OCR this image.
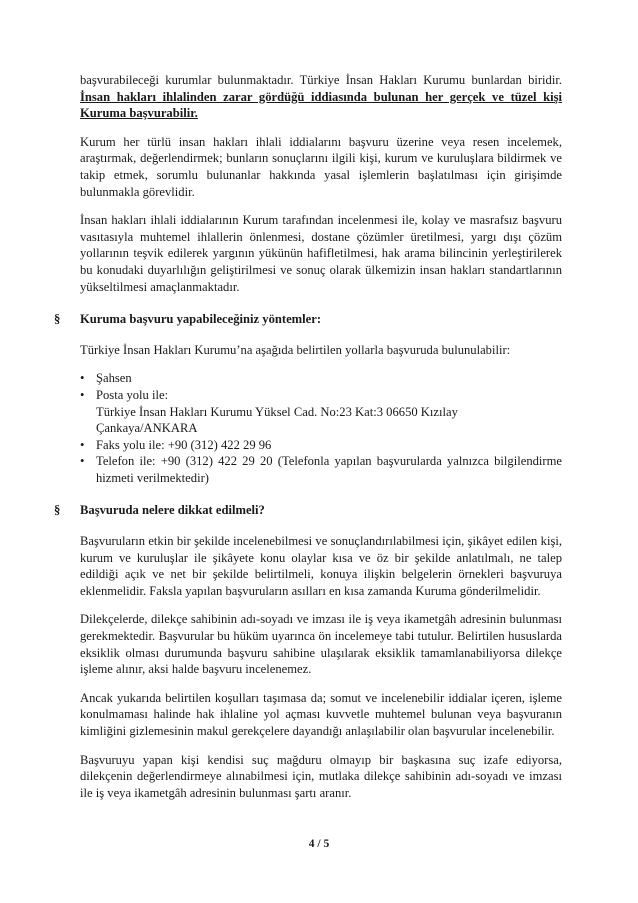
başvurabileceği kurumlar bulunmaktadır. Türkiye İnsan Hakları Kurumu bunlardan biridir. İnsan hakları ihlalinden zarar gördüğü iddiasında bulunan her gerçek ve tüzel kişi Kuruma başvurabilir.

Kurum her türlü insan hakları ihlali iddialarını başvuru üzerine veya resen incelemek, araştırmak, değerlendirmek; bunların sonuçlarını ilgili kişi, kurum ve kuruluşlara bildirmek ve takip etmek, sorumlu bulunanlar hakkında yasal işlemlerin başlatılması için girişimde bulunmakla görevlidir.

İnsan hakları ihlali iddialarının Kurum tarafından incelenmesi ile, kolay ve masrafsız başvuru vasıtasıyla muhtemel ihlallerin önlenmesi, dostane çözümler üretilmesi, yargı dışı çözüm yollarının teşvik edilerek yargının yükünün hafifletilmesi, hak arama bilincinin yerleştirilerek bu konudaki duyarlılığın geliştirilmesi ve sonuç olarak ülkemizin insan hakları standartlarının yükseltilmesi amaçlanmaktadır.

§ Kuruma başvuru yapabileceğiniz yöntemler:

Türkiye İnsan Hakları Kurumu’na aşağıda belirtilen yollarla başvuruda bulunulabilir:

• Şahsen
• Posta yolu ile:
Türkiye İnsan Hakları Kurumu Yüksel Cad. No:23 Kat:3 06650 Kızılay
Çankaya/ANKARA
• Faks yolu ile: +90 (312) 422 29 96
• Telefon ile: +90 (312) 422 29 20 (Telefonla yapılan başvurularda yalnızca bilgilendirme hizmeti verilmektedir)
§ Başvuruda nelere dikkat edilmeli?

Başvuruların etkin bir şekilde incelenebilmesi ve sonuçlandırılabilmesi için, şikâyet edilen kişi, kurum ve kuruluşlar ile şikâyete konu olaylar kısa ve öz bir şekilde anlatılmalı, ne talep edildiği açık ve net bir şekilde belirtilmeli, konuya ilişkin belgelerin örnekleri başvuruya eklenmelidir. Faksla yapılan başvuruların asılları en kısa zamanda Kuruma gönderilmelidir.

Dilekçelerde, dilekçe sahibinin adı-soyadı ve imzası ile iş veya ikametgâh adresinin bulunması gerekmektedir. Başvurular bu hüküm uyarınca ön incelemeye tabi tutulur. Belirtilen hususlarda eksiklik olması durumunda başvuru sahibine ulaşılarak eksiklik tamamlanabiliyorsa dilekçe işleme alınır, aksi halde başvuru incelenemez.

Ancak yukarıda belirtilen koşulları taşımasa da; somut ve incelenebilir iddialar içeren, işleme konulmaması halinde hak ihlaline yol açması kuvvetle muhtemel bulunan veya başvuranın kimliğini gizlemesinin makul gerekçelere dayandığı anlaşılabilir olan başvurular incelenebilir.

Başvuruyu yapan kişi kendisi suç mağduru olmayıp bir başkasına suç izafe ediyorsa, dilekçenin değerlendirmeye alınabilmesi için, mutlaka dilekçe sahibinin adı-soyadı ve imzası ile iş veya ikametgâh adresinin bulunması şartı aranır.

4 / 5
